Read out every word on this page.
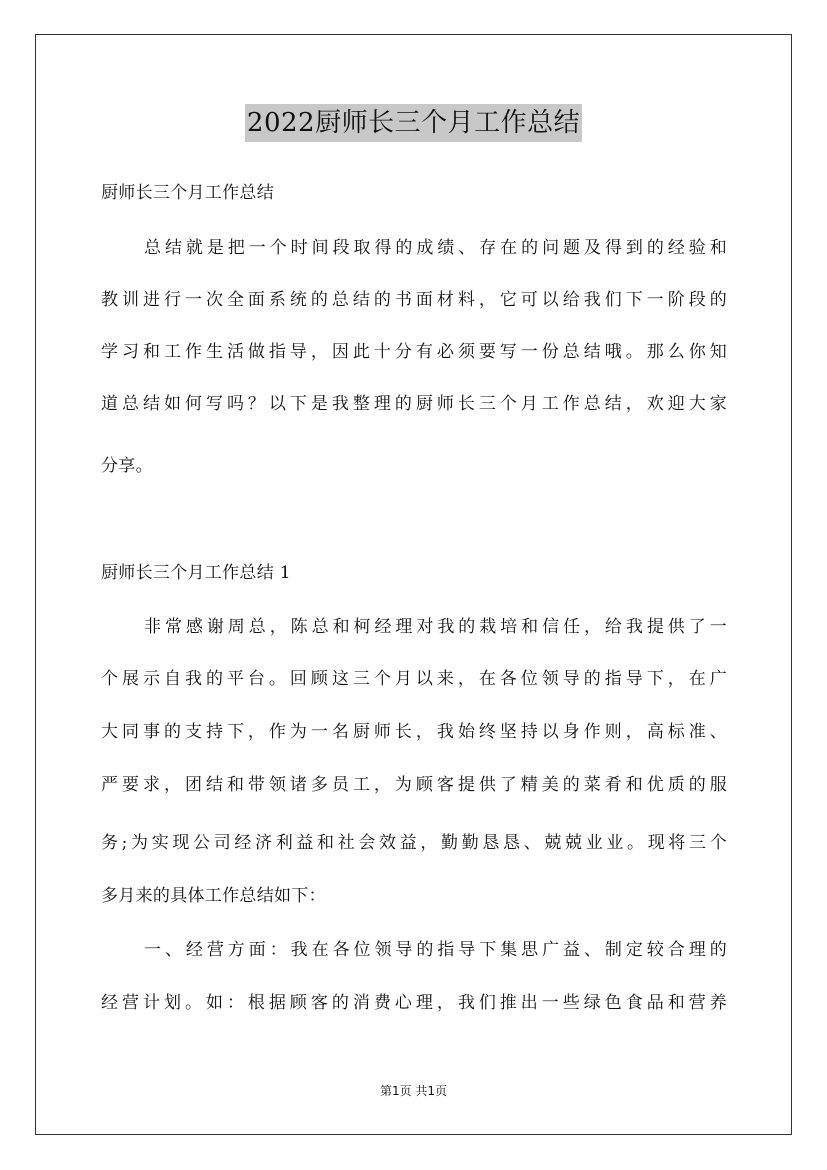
2022厨师长三个月工作总结
厨师长三个月工作总结
总结就是把一个时间段取得的成绩、存在的问题及得到的经验和
教训进行一次全面系统的总结的书面材料，它可以给我们下一阶段的
学习和工作生活做指导，因此十分有必须要写一份总结哦。那么你知
道总结如何写吗？以下是我整理的厨师长三个月工作总结，欢迎大家
分享。
厨师长三个月工作总结 1
非常感谢周总，陈总和柯经理对我的栽培和信任，给我提供了一
个展示自我的平台。回顾这三个月以来，在各位领导的指导下，在广
大同事的支持下，作为一名厨师长，我始终坚持以身作则，高标准、
严要求，团结和带领诸多员工，为顾客提供了精美的菜肴和优质的服
务;为实现公司经济利益和社会效益，勤勤恳恳、兢兢业业。现将三个
多月来的具体工作总结如下：
一、经营方面：我在各位领导的指导下集思广益、制定较合理的
经营计划。如：根据顾客的消费心理，我们推出一些绿色食品和营养
第1页 共1页
